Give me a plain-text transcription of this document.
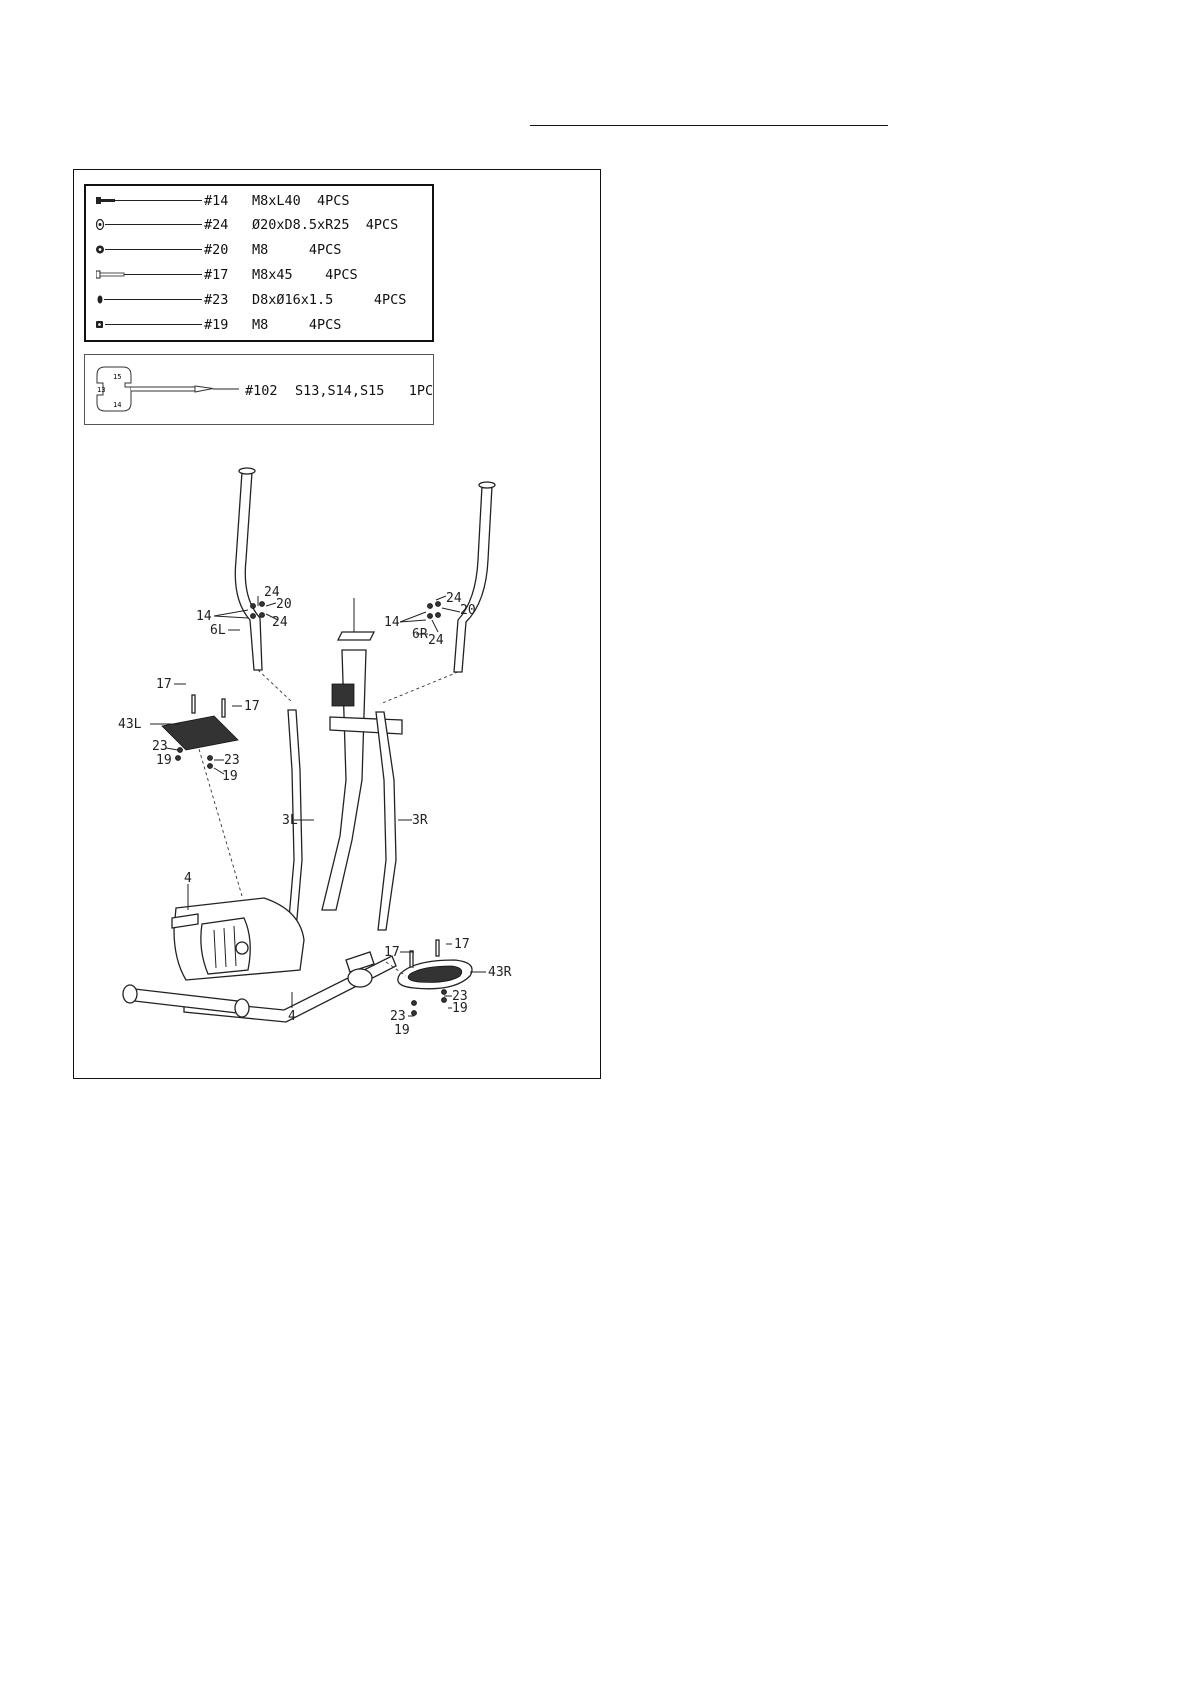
#14 M8xL40  4PCS
#24 Ø20xD8.5xR25  4PCS
#20 M8     4PCS
#17 M8x45    4PCS
#23 D8xØ16x1.5     4PCS
#19 M8     4PCS
15
13
14
#102 S13,S14,S15   1PC
6L
24
20
24
14
6R
24
20
24
14
17
17
43L
23
19	23
19
3L	3R
4
4
17
17
43R
23
19
23
19
